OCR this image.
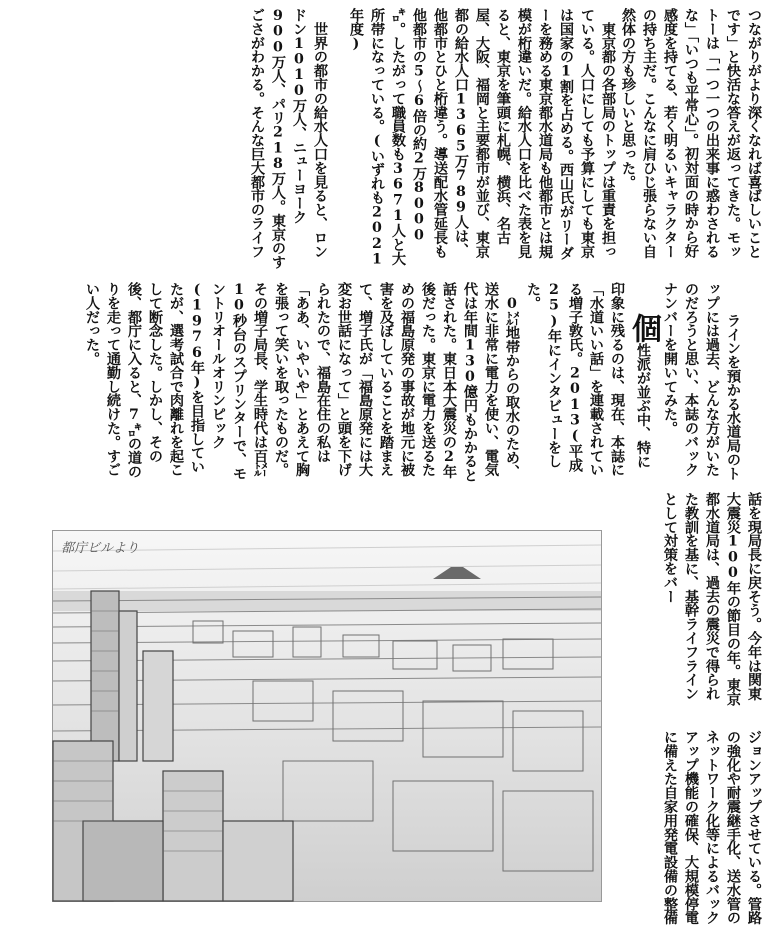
つながりがより深くなれば喜ばしいことです」と快活な答えが返ってきた。モットーは「一つ一つの出来事に惑わされるな」「いつも平常心」。初対面の時から好感度を持てる、若く明るいキャラクターの持ち主だ。こんなに肩ひじ張らない自然体の方も珍しいと思った。
　東京都の各部局のトップは重責を担っている。人口にしても予算にしても東京は国家の1割を占める。西山氏がリーダーを務める東京都水道局も他都市とは規模が桁違いだ。給水人口を比べた表を見ると、東京を筆頭に札幌、横浜、名古屋、大阪、福岡と主要都市が並び、東京都の給水人口1365万789人は、他都市とひと桁違う。導送配水管延長も他都市の5〜6倍の約2万8000㌔。したがって職員数も3671人と大所帯になっている。(いずれも2021年度)
　世界の都市の給水人口を見ると、ロンドン1010万人、ニューヨーク900万人、パリ218万人。東京のすごさがわかる。そんな巨大都市のライフ

ラインを預かる水道局のトップには過去、どんな方がいたのだろうと思い、本誌のバックナンバーを開いてみた。
個性派が並ぶ中、特に印象に残るのは、現在、本誌に「水道いい話」を連載されている増子敦氏。2013(平成25)年にインタビューをした。
　0㍍地帯からの取水のため、送水に非常に電力を使い、電気代は年間130億円もかかると話された。東日本大震災の2年後だった。東京に電力を送るための福島原発の事故が地元に被害を及ぼしていることを踏まえて、増子氏が「福島原発には大変お世話になって」と頭を下げられたので、福島在住の私は「ああ、いやいや」とあえて胸を張って笑いを取ったものだ。その増子局長、学生時代は百㍍10秒台のスプリンターで、モントリオールオリンピック(1976年)を目指していたが、選考試合で肉離れを起こして断念した。しかし、その後、都庁に入ると、7㌔の道のりを走って通勤し続けた。すごい人だった。

話を現局長に戻そう。今年は関東大震災100年の節目の年。東京都水道局は、過去の震災で得られた教訓を基に、基幹ライフラインとして対策をバー
ジョンアップさせている。管路の強化や耐震継手化、送水管のネットワーク化等によるバックアップ機能の確保、大規模停電に備えた自家用発電設備の整備
都庁ビルより
